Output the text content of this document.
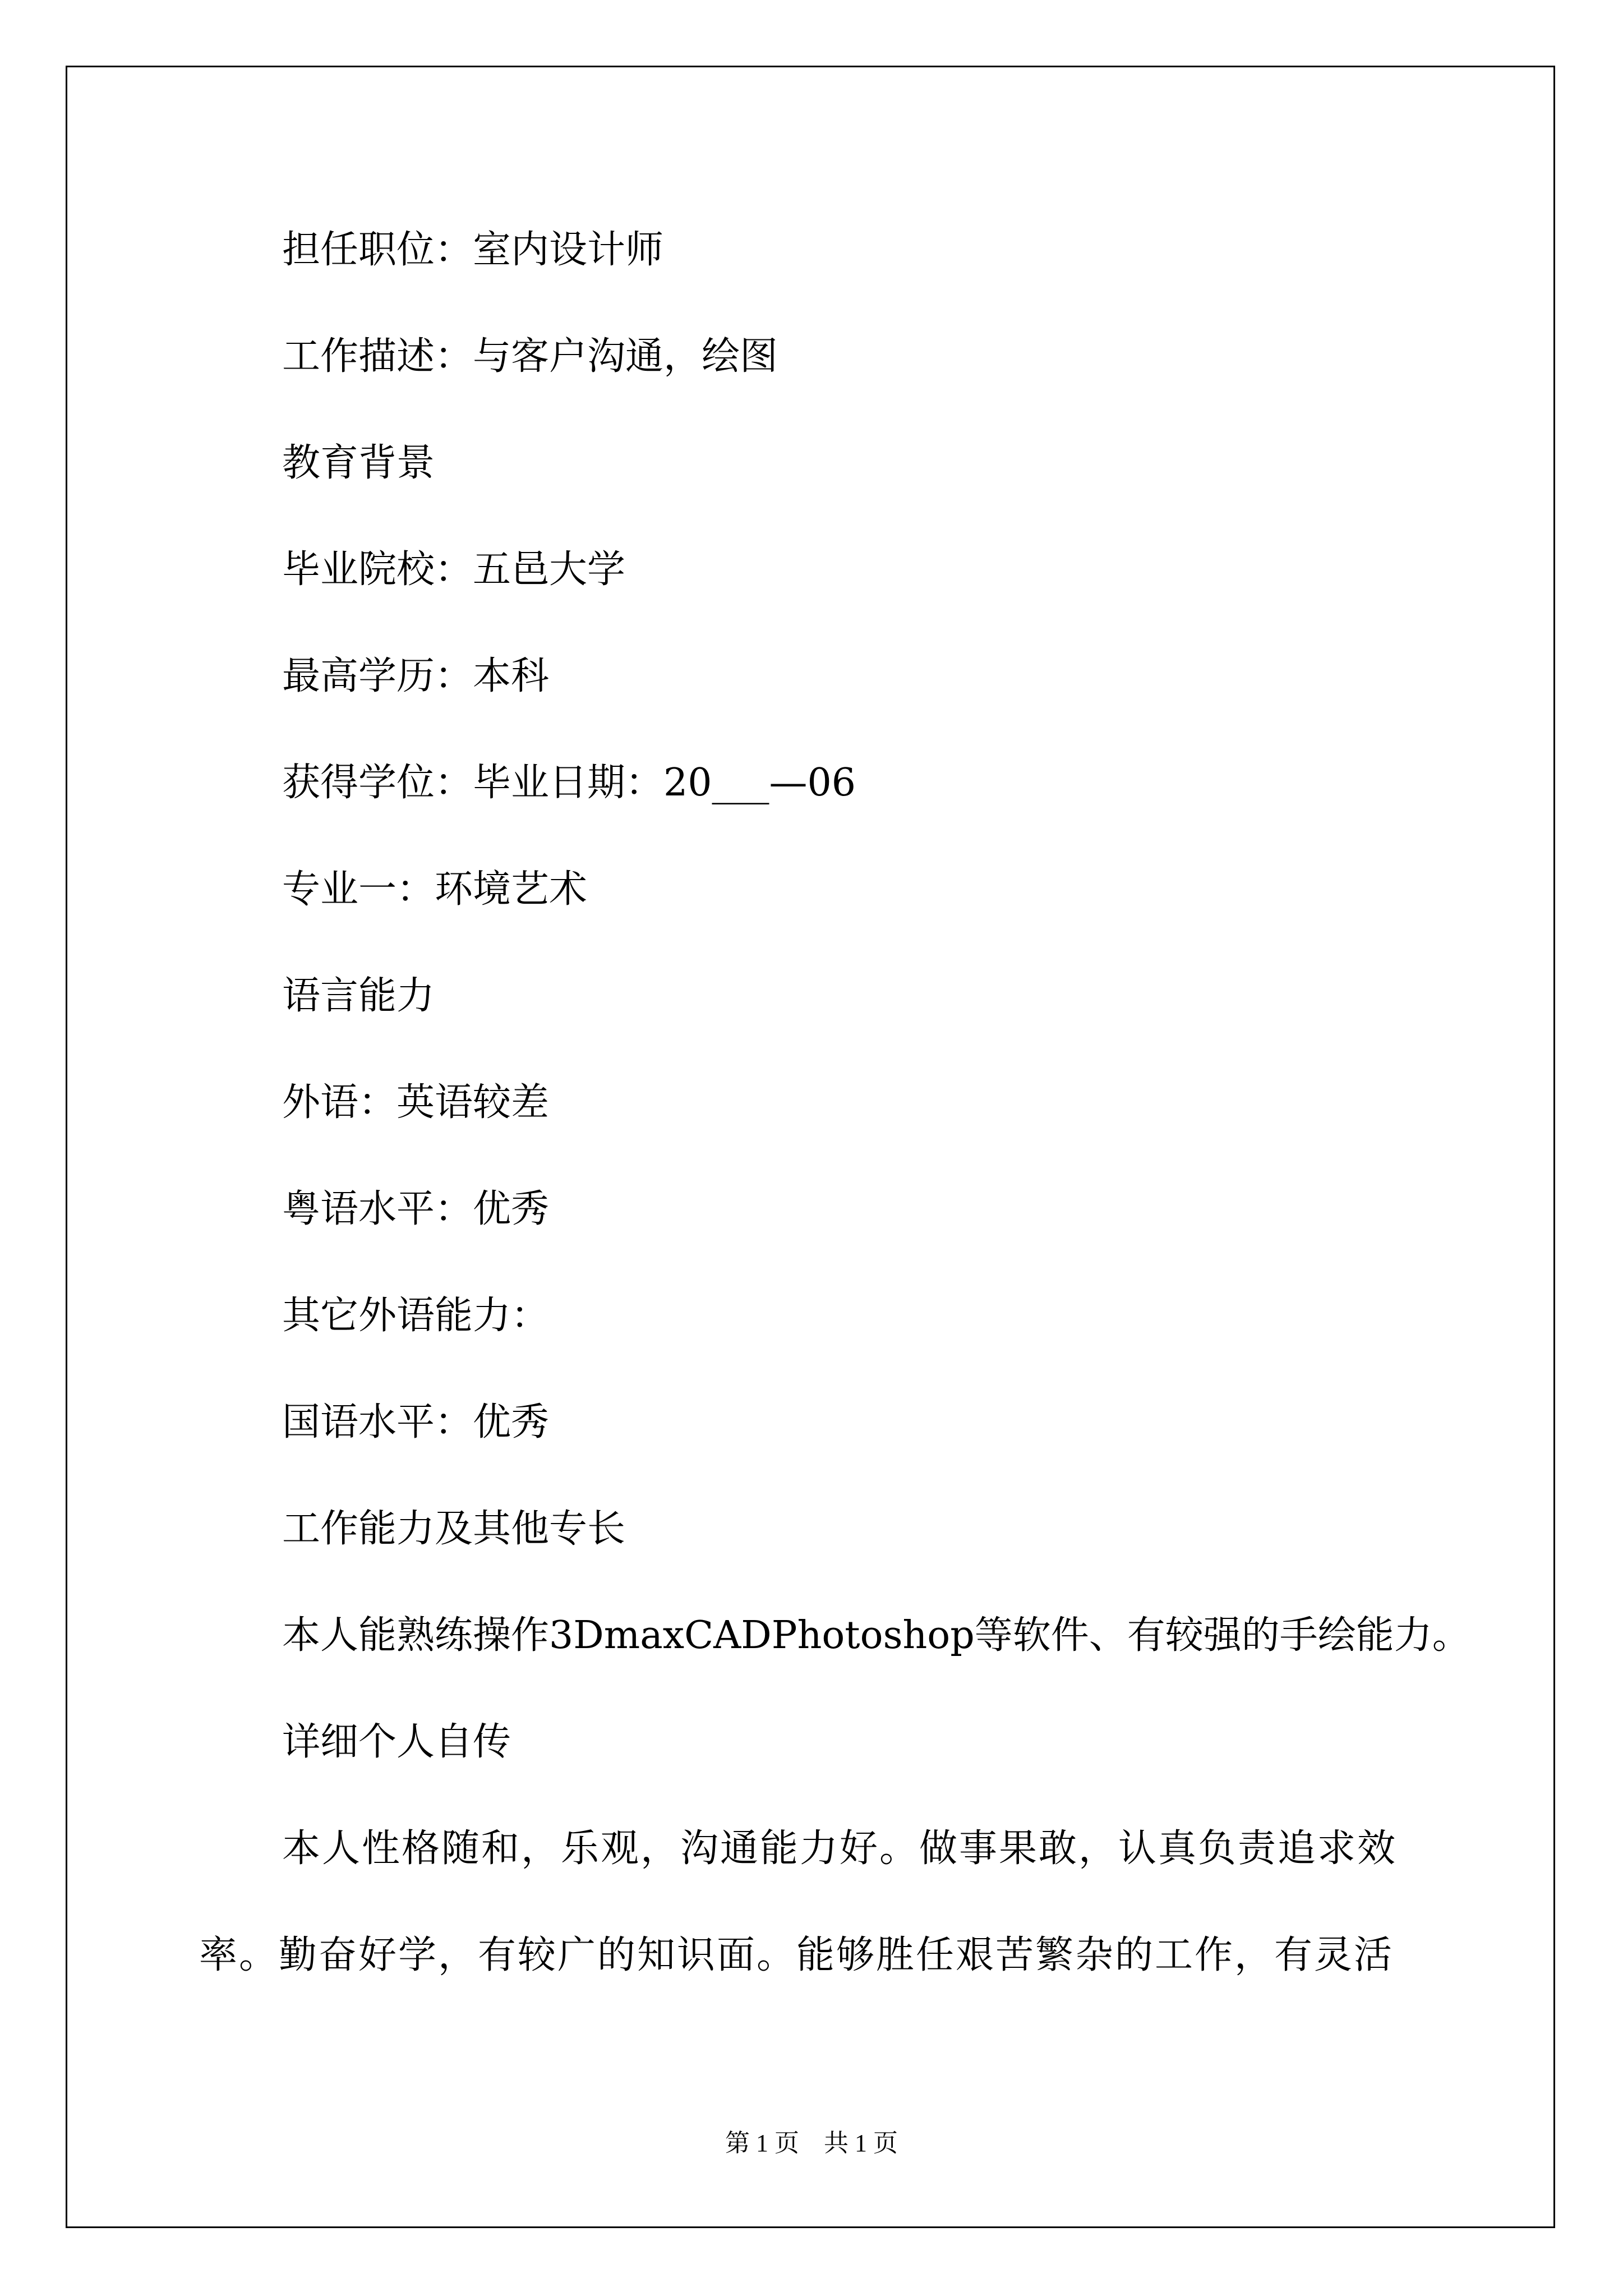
担任职位：室内设计师

工作描述：与客户沟通，绘图

教育背景

毕业院校：五邑大学

最高学历：本科

获得学位：毕业日期：20___—06

专业一：环境艺术

语言能力

外语：英语较差

粤语水平：优秀

其它外语能力：

国语水平：优秀

工作能力及其他专长

本人能熟练操作3DmaxCADPhotoshop等软件、有较强的手绘能力。

详细个人自传

本人性格随和，乐观，沟通能力好。做事果敢，认真负责追求效

率。勤奋好学，有较广的知识面。能够胜任艰苦繁杂的工作，有灵活

第 1 页    共 1 页
